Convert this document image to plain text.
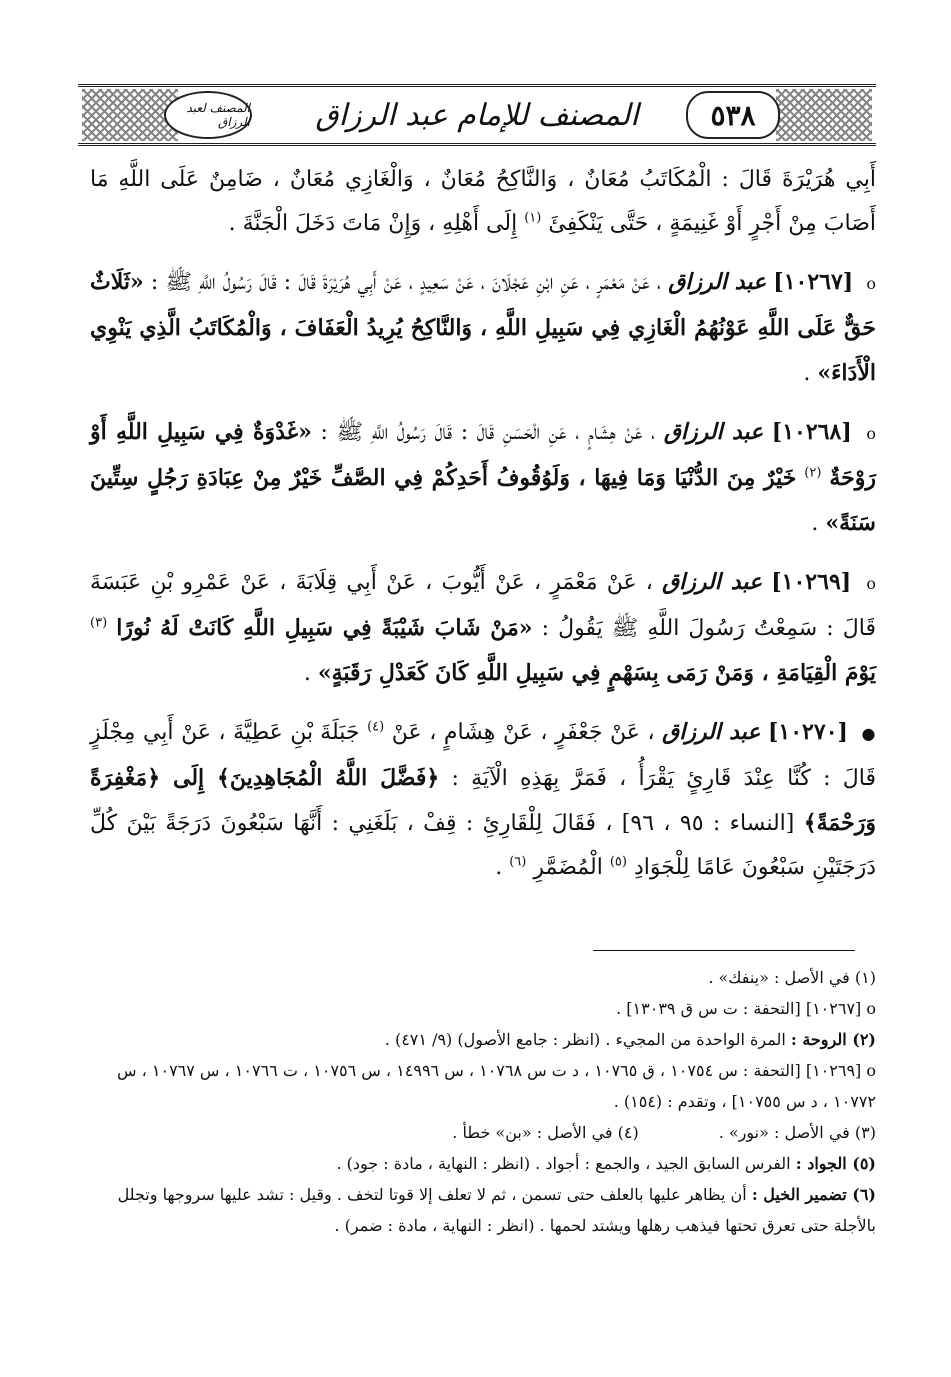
المصنف لعبد الرزاق	المصنف للإمام عبد الرزاق	٥٣٨

أَبِي هُرَيْرَةَ قَالَ : الْمُكَاتَبُ مُعَانٌ ، وَالنَّاكِحُ مُعَانٌ ، وَالْغَازِي مُعَانٌ ، ضَامِنٌ عَلَى اللَّهِ مَا أَصَابَ مِنْ أَجْرٍ أَوْ غَنِيمَةٍ ، حَتَّى يَنْكَفِئَ $^{(١)}$ إِلَى أَهْلِهِ ، وَإِنْ مَاتَ دَخَلَ الْجَنَّةَ .

o [١٠٢٦٧] عبد الرزاق ، عَنْ مَعْمَرٍ ، عَنِ ابْنِ عَجْلَانَ ، عَنْ سَعِيدٍ ، عَنْ أَبِي هُرَيْرَةَ قَالَ : قَالَ رَسُولُ اللَّهِ ﷺ : «ثَلَاثٌ حَقٌّ عَلَى اللَّهِ عَوْنُهُمُ الْغَازِي فِي سَبِيلِ اللَّهِ ، وَالنَّاكِحُ يُرِيدُ الْعَفَافَ ، وَالْمُكَاتَبُ الَّذِي يَنْوِي الْأَدَاءَ» .

o [١٠٢٦٨] عبد الرزاق ، عَنْ هِشَامٍ ، عَنِ الْحَسَنِ قَالَ : قَالَ رَسُولُ اللَّهِ ﷺ : «غَدْوَةٌ فِي سَبِيلِ اللَّهِ أَوْ رَوْحَةٌ $^{(٢)}$ خَيْرٌ مِنَ الدُّنْيَا وَمَا فِيهَا ، وَلَوُقُوفُ أَحَدِكُمْ فِي الصَّفِّ خَيْرٌ مِنْ عِبَادَةِ رَجُلٍ سِتِّينَ سَنَةً» .

o [١٠٢٦٩] عبد الرزاق ، عَنْ مَعْمَرٍ ، عَنْ أَيُّوبَ ، عَنْ أَبِي قِلَابَةَ ، عَنْ عَمْرِو بْنِ عَبَسَةَ قَالَ : سَمِعْتُ رَسُولَ اللَّهِ ﷺ يَقُولُ : «مَنْ شَابَ شَيْبَةً فِي سَبِيلِ اللَّهِ كَانَتْ لَهُ نُورًا $^{(٣)}$ يَوْمَ الْقِيَامَةِ ، وَمَنْ رَمَى بِسَهْمٍ فِي سَبِيلِ اللَّهِ كَانَ كَعَدْلِ رَقَبَةٍ» .

● [١٠٢٧٠] عبد الرزاق ، عَنْ جَعْفَرٍ ، عَنْ هِشَامٍ ، عَنْ $^{(٤)}$ جَبَلَةَ بْنِ عَطِيَّةَ ، عَنْ أَبِي مِجْلَزٍ قَالَ : كُنَّا عِنْدَ قَارِئٍ يَقْرَأُ ، فَمَرَّ بِهَذِهِ الْآيَةِ : ﴿فَضَّلَ اللَّهُ الْمُجَاهِدِينَ﴾ إِلَى ﴿مَغْفِرَةً وَرَحْمَةً﴾ [النساء : ٩٥ ، ٩٦] ، فَقَالَ لِلْقَارِئِ : قِفْ ، بَلَغَنِي : أَنَّهَا سَبْعُونَ دَرَجَةً بَيْنَ كُلِّ دَرَجَتَيْنِ سَبْعُونَ عَامًا لِلْجَوَادِ $^{(٥)}$ الْمُضَمَّرِ $^{(٦)}$ .

(١) في الأصل : «ينفك» .

o [١٠٢٦٧] [التحفة : ت س ق ١٣٠٣٩] .

(٢) الروحة : المرة الواحدة من المجيء . (انظر : جامع الأصول) (٩/ ٤٧١) .

o [١٠٢٦٩] [التحفة : س ١٠٧٥٤ ، ق ١٠٧٦٥ ، د ت س ١٠٧٦٨ ، س ١٤٩٩٦ ، س ١٠٧٥٦ ، ت ١٠٧٦٦ ، س ١٠٧٦٧ ، س ١٠٧٧٢ ، د س ١٠٧٥٥] ، وتقدم : (١٥٤) .

(٣) في الأصل : «نور» .
(٤) في الأصل : «بن» خطأ .

(٥) الجواد : الفرس السابق الجيد ، والجمع : أجواد . (انظر : النهاية ، مادة : جود) .

(٦) تضمير الخيل : أن يظاهر عليها بالعلف حتى تسمن ، ثم لا تعلف إلا قوتا لتخف . وقيل : تشد عليها سروجها وتجلل بالأجلة حتى تعرق تحتها فيذهب رهلها ويشتد لحمها . (انظر : النهاية ، مادة : ضمر) .
